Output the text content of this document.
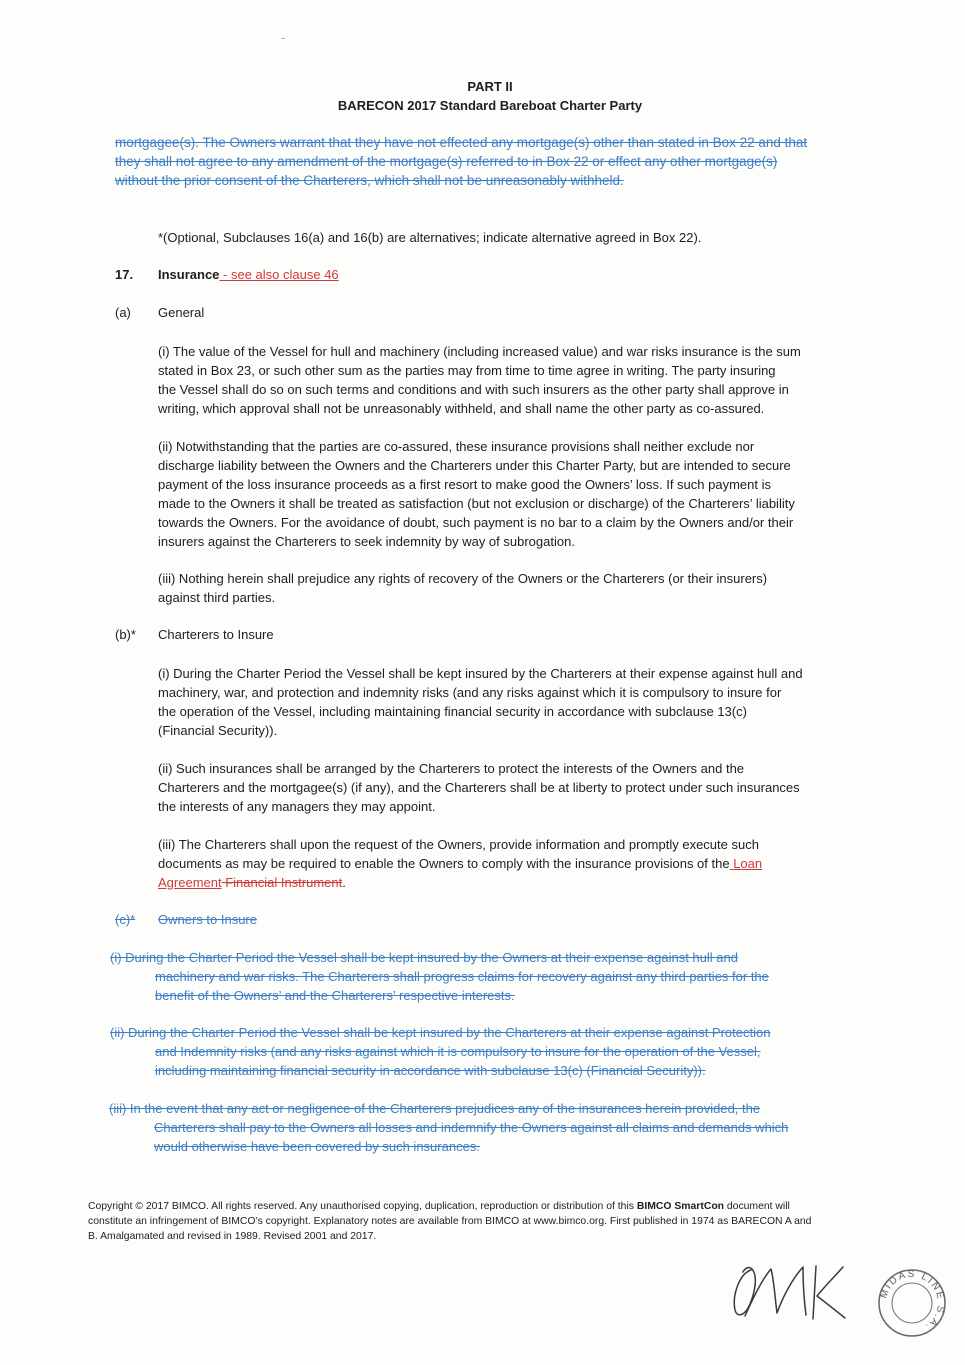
PART II
BARECON 2017 Standard Bareboat Charter Party
mortgagee(s). The Owners warrant that they have not effected any mortgage(s) other than stated in Box 22 and that
they shall not agree to any amendment of the mortgage(s) referred to in Box 22 or effect any other mortgage(s)
without the prior consent of the Charterers, which shall not be unreasonably withheld.
*(Optional, Subclauses 16(a) and 16(b) are alternatives; indicate alternative agreed in Box 22).
17. Insurance - see also clause 46
(a) General
(i) The value of the Vessel for hull and machinery (including increased value) and war risks insurance is the sum
stated in Box 23, or such other sum as the parties may from time to time agree in writing. The party insuring
the Vessel shall do so on such terms and conditions and with such insurers as the other party shall approve in
writing, which approval shall not be unreasonably withheld, and shall name the other party as co-assured.
(ii) Notwithstanding that the parties are co-assured, these insurance provisions shall neither exclude nor
discharge liability between the Owners and the Charterers under this Charter Party, but are intended to secure
payment of the loss insurance proceeds as a first resort to make good the Owners’ loss. If such payment is
made to the Owners it shall be treated as satisfaction (but not exclusion or discharge) of the Charterers’ liability
towards the Owners. For the avoidance of doubt, such payment is no bar to a claim by the Owners and/or their
insurers against the Charterers to seek indemnity by way of subrogation.
(iii) Nothing herein shall prejudice any rights of recovery of the Owners or the Charterers (or their insurers)
against third parties.
(b)* Charterers to Insure
(i) During the Charter Period the Vessel shall be kept insured by the Charterers at their expense against hull and
machinery, war, and protection and indemnity risks (and any risks against which it is compulsory to insure for
the operation of the Vessel, including maintaining financial security in accordance with subclause 13(c)
(Financial Security)).
(ii) Such insurances shall be arranged by the Charterers to protect the interests of the Owners and the
Charterers and the mortgagee(s) (if any), and the Charterers shall be at liberty to protect under such insurances
the interests of any managers they may appoint.
(iii) The Charterers shall upon the request of the Owners, provide information and promptly execute such
documents as may be required to enable the Owners to comply with the insurance provisions of the Loan
Agreement Financial Instrument.
(c)* Owners to Insure
(i) During the Charter Period the Vessel shall be kept insured by the Owners at their expense against hull and
machinery and war risks. The Charterers shall progress claims for recovery against any third parties for the
benefit of the Owners’ and the Charterers’ respective interests.
(ii) During the Charter Period the Vessel shall be kept insured by the Charterers at their expense against Protection
and Indemnity risks (and any risks against which it is compulsory to insure for the operation of the Vessel,
including maintaining financial security in accordance with subclause 13(c) (Financial Security)).
(iii) In the event that any act or negligence of the Charterers prejudices any of the insurances herein provided, the
Charterers shall pay to the Owners all losses and indemnify the Owners against all claims and demands which
would otherwise have been covered by such insurances.
Copyright © 2017 BIMCO. All rights reserved. Any unauthorised copying, duplication, reproduction or distribution of this BIMCO SmartCon document will
constitute an infringement of BIMCO’s copyright. Explanatory notes are available from BIMCO at www.bimco.org. First published in 1974 as BARECON A and
B. Amalgamated and revised in 1989. Revised 2001 and 2017.
MIDAS LINE S.A.
